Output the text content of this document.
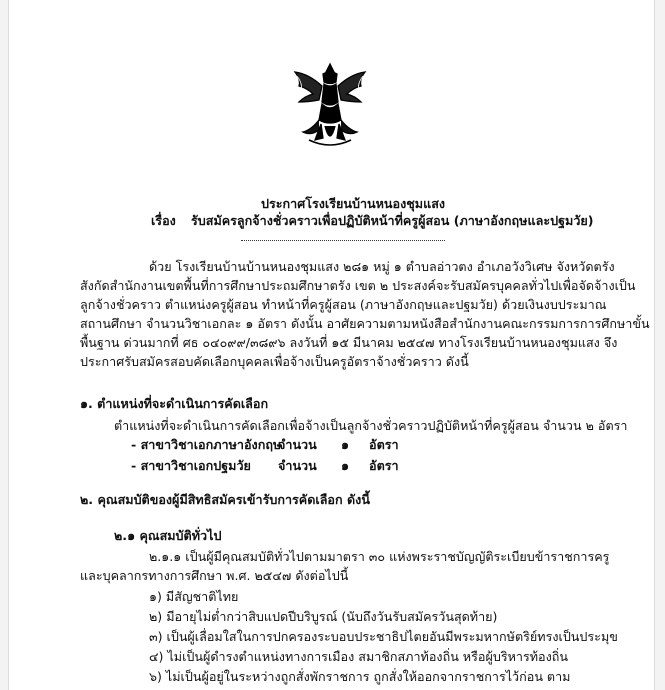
ประกาศโรงเรียนบ้านหนองชุมแสง
เรื่อง รับสมัครลูกจ้างชั่วคราวเพื่อปฏิบัติหน้าที่ครูผู้สอน (ภาษาอังกฤษและปฐมวัย)
ด้วย โรงเรียนบ้านบ้านหนองชุมแสง ๒๘๑ หมู่ ๑ ตำบลอ่าวตง อำเภอวังวิเศษ จังหวัดตรัง
สังกัดสำนักงานเขตพื้นที่การศึกษาประถมศึกษาตรัง เขต ๒ ประสงค์จะรับสมัครบุคคลทั่วไปเพื่อจัดจ้างเป็น
ลูกจ้างชั่วคราว ตำแหน่งครูผู้สอน ทำหน้าที่ครูผู้สอน (ภาษาอังกฤษและปฐมวัย) ด้วยเงินงบประมาณ
สถานศึกษา จำนวนวิชาเอกละ ๑ อัตรา ดังนั้น อาศัยความตามหนังสือสำนักงานคณะกรรมการการศึกษาขั้น
พื้นฐาน ด่วนมากที่ ศธ ๐๔๐๙๙/๓๘๙๖ ลงวันที่ ๑๕ มีนาคม ๒๕๔๗ ทางโรงเรียนบ้านหนองชุมแสง จึง
ประกาศรับสมัครสอบคัดเลือกบุคคลเพื่อจ้างเป็นครูอัตราจ้างชั่วคราว ดังนี้
๑. ตำแหน่งที่จะดำเนินการคัดเลือก
ตำแหน่งที่จะดำเนินการคัดเลือกเพื่อจ้างเป็นลูกจ้างชั่วคราวปฏิบัติหน้าที่ครูผู้สอน จำนวน ๒ อัตรา
- สาขาวิชาเอกภาษาอังกฤษ
จำนวน ๑ อัตรา
- สาขาวิชาเอกปฐมวัย จำนวน ๑ อัตรา
๒. คุณสมบัติของผู้มีสิทธิสมัครเข้ารับการคัดเลือก ดังนี้
๒.๑ คุณสมบัติทั่วไป
๒.๑.๑ เป็นผู้มีคุณสมบัติทั่วไปตามมาตรา ๓๐ แห่งพระราชบัญญัติระเบียบข้าราชการครู
และบุคลากรทางการศึกษา พ.ศ. ๒๕๔๗ ดังต่อไปนี้
๑) มีสัญชาติไทย
๒) มีอายุไม่ต่ำกว่าสิบแปดปีบริบูรณ์ (นับถึงวันรับสมัครวันสุดท้าย)
๓) เป็นผู้เลื่อมใสในการปกครองระบอบประชาธิปไตยอันมีพระมหากษัตริย์ทรงเป็นประมุข
๔) ไม่เป็นผู้ดำรงตำแหน่งทางการเมือง สมาชิกสภาท้องถิ่น หรือผู้บริหารท้องถิ่น
๖) ไม่เป็นผู้อยู่ในระหว่างถูกสั่งพักราชการ ถูกสั่งให้ออกจากราชการไว้ก่อน ตาม
